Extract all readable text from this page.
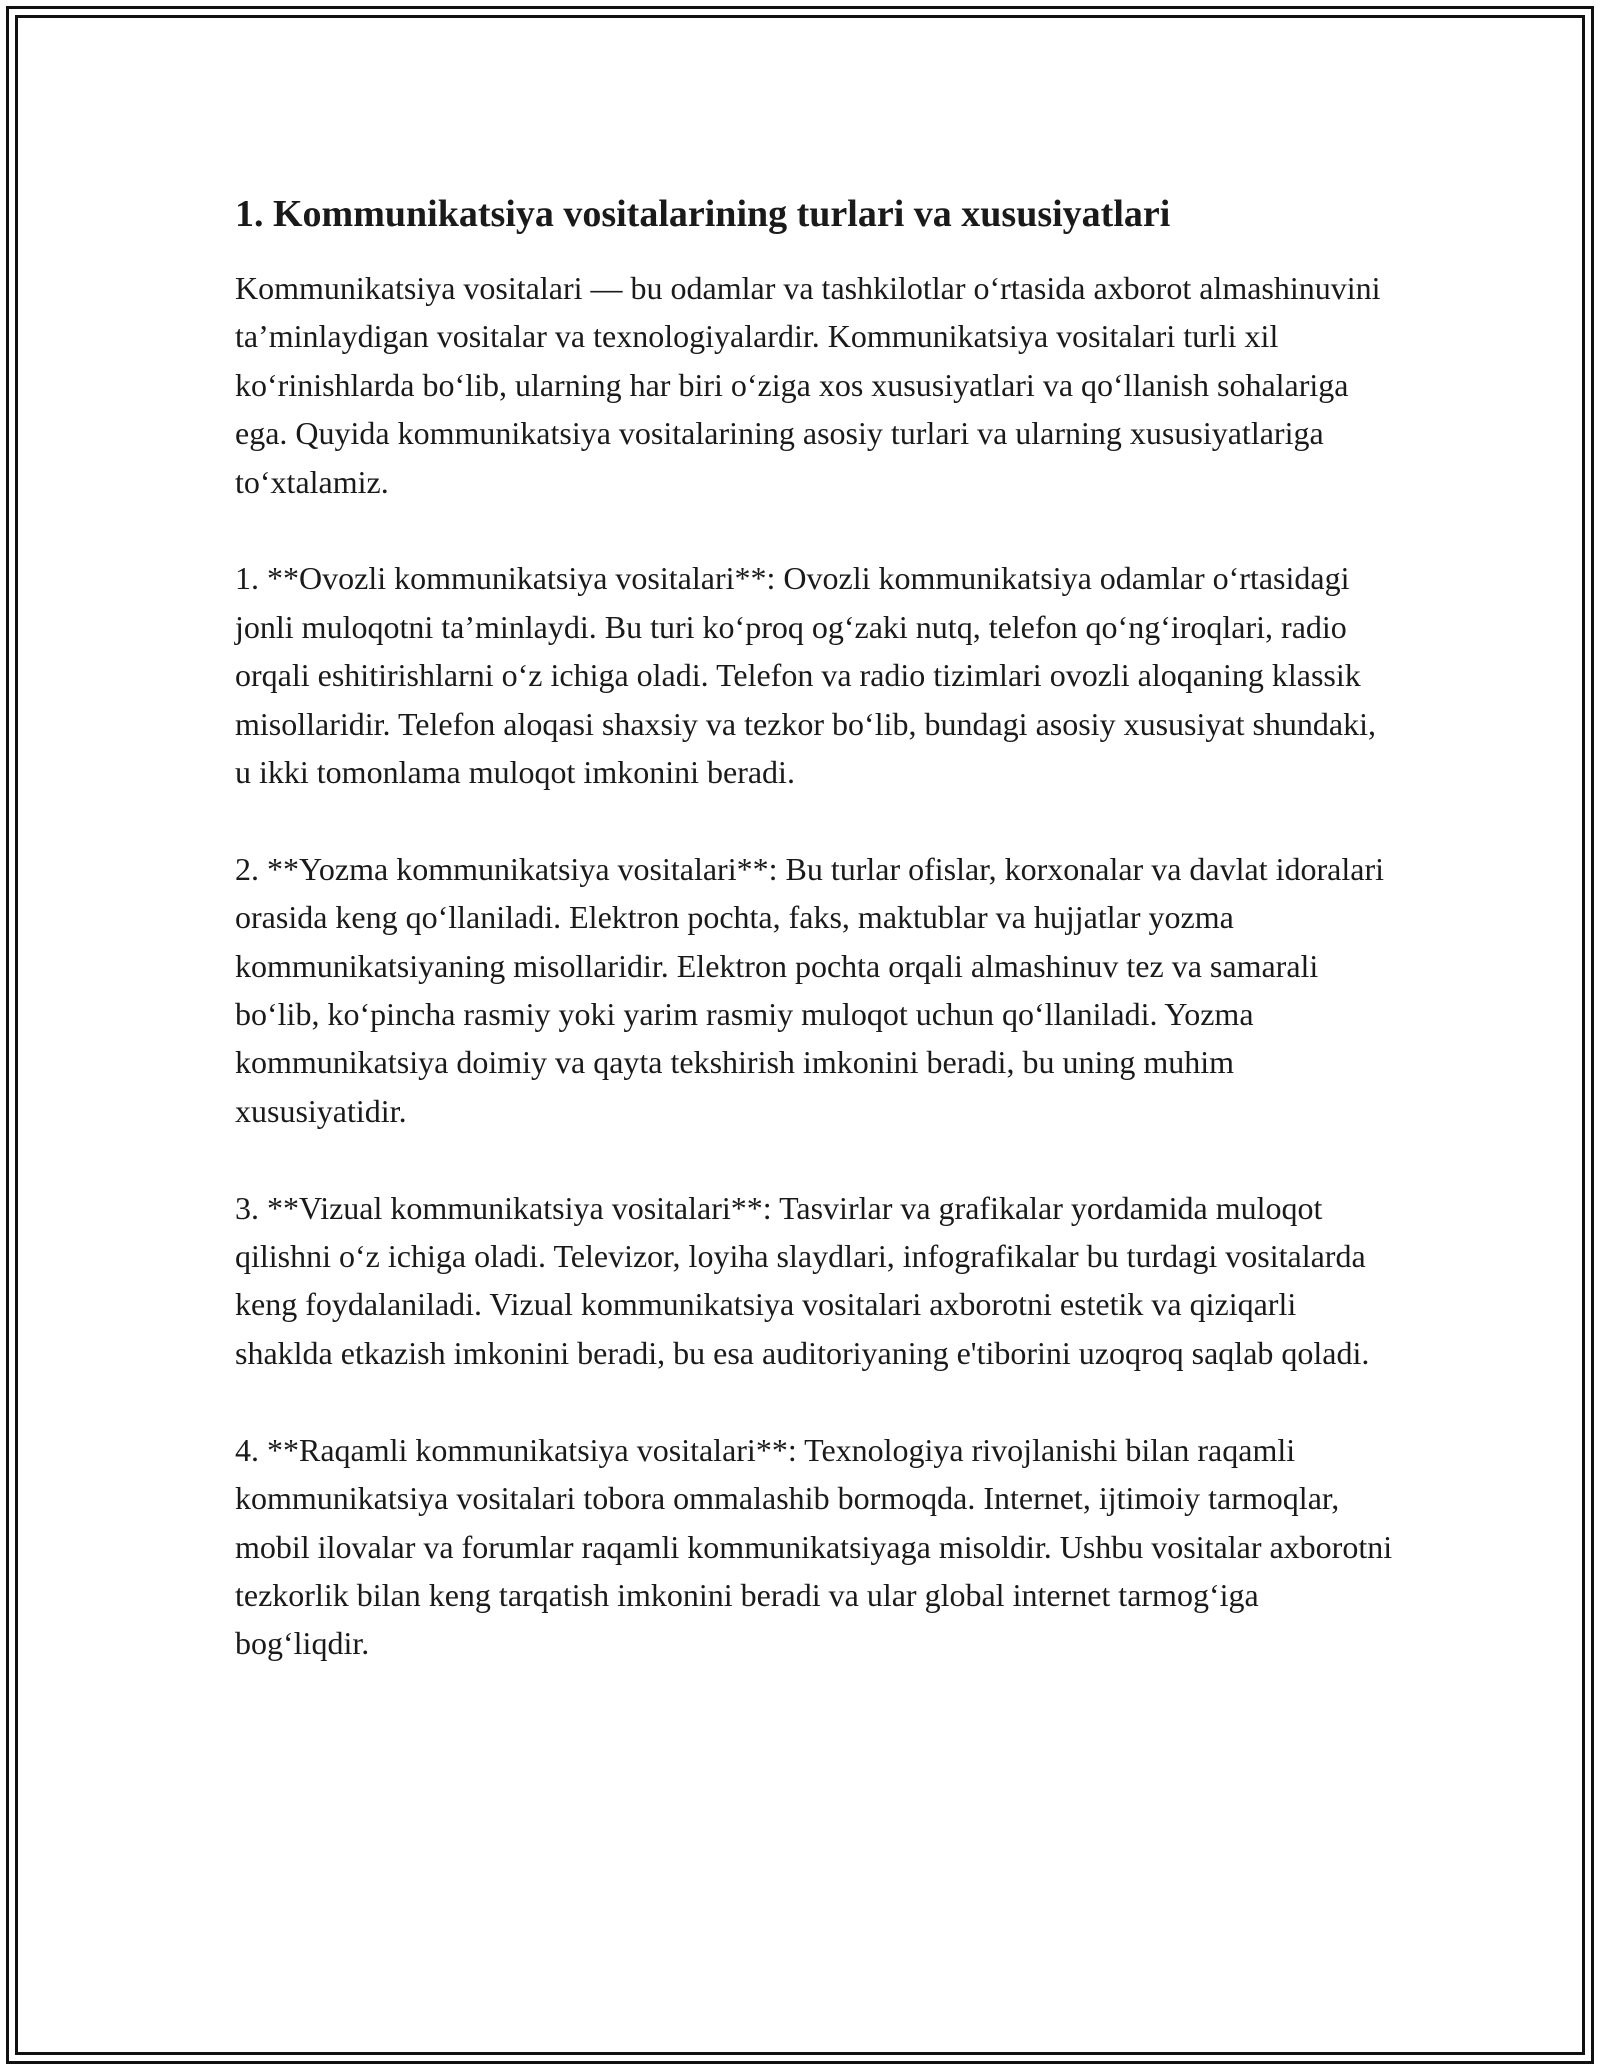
1. Kommunikatsiya vositalarining turlari va xususiyatlari

Kommunikatsiya vositalari — bu odamlar va tashkilotlar o‘rtasida axborot almashinuvini ta’minlaydigan vositalar va texnologiyalardir. Kommunikatsiya vositalari turli xil ko‘rinishlarda bo‘lib, ularning har biri o‘ziga xos xususiyatlari va qo‘llanish sohalariga ega. Quyida kommunikatsiya vositalarining asosiy turlari va ularning xususiyatlariga to‘xtalamiz.

1. **Ovozli kommunikatsiya vositalari**: Ovozli kommunikatsiya odamlar o‘rtasidagi jonli muloqotni ta’minlaydi. Bu turi ko‘proq og‘zaki nutq, telefon qo‘ng‘iroqlari, radio orqali eshitirishlarni o‘z ichiga oladi. Telefon va radio tizimlari ovozli aloqaning klassik misollaridir. Telefon aloqasi shaxsiy va tezkor bo‘lib, bundagi asosiy xususiyat shundaki, u ikki tomonlama muloqot imkonini beradi.

2. **Yozma kommunikatsiya vositalari**: Bu turlar ofislar, korxonalar va davlat idoralari orasida keng qo‘llaniladi. Elektron pochta, faks, maktublar va hujjatlar yozma kommunikatsiyaning misollaridir. Elektron pochta orqali almashinuv tez va samarali bo‘lib, ko‘pincha rasmiy yoki yarim rasmiy muloqot uchun qo‘llaniladi. Yozma kommunikatsiya doimiy va qayta tekshirish imkonini beradi, bu uning muhim xususiyatidir.

3. **Vizual kommunikatsiya vositalari**: Tasvirlar va grafikalar yordamida muloqot qilishni o‘z ichiga oladi. Televizor, loyiha slaydlari, infografikalar bu turdagi vositalarda keng foydalaniladi. Vizual kommunikatsiya vositalari axborotni estetik va qiziqarli shaklda etkazish imkonini beradi, bu esa auditoriyaning e'tiborini uzoqroq saqlab qoladi.

4. **Raqamli kommunikatsiya vositalari**: Texnologiya rivojlanishi bilan raqamli kommunikatsiya vositalari tobora ommalashib bormoqda. Internet, ijtimoiy tarmoqlar, mobil ilovalar va forumlar raqamli kommunikatsiyaga misoldir. Ushbu vositalar axborotni tezkorlik bilan keng tarqatish imkonini beradi va ular global internet tarmog‘iga bog‘liqdir.
